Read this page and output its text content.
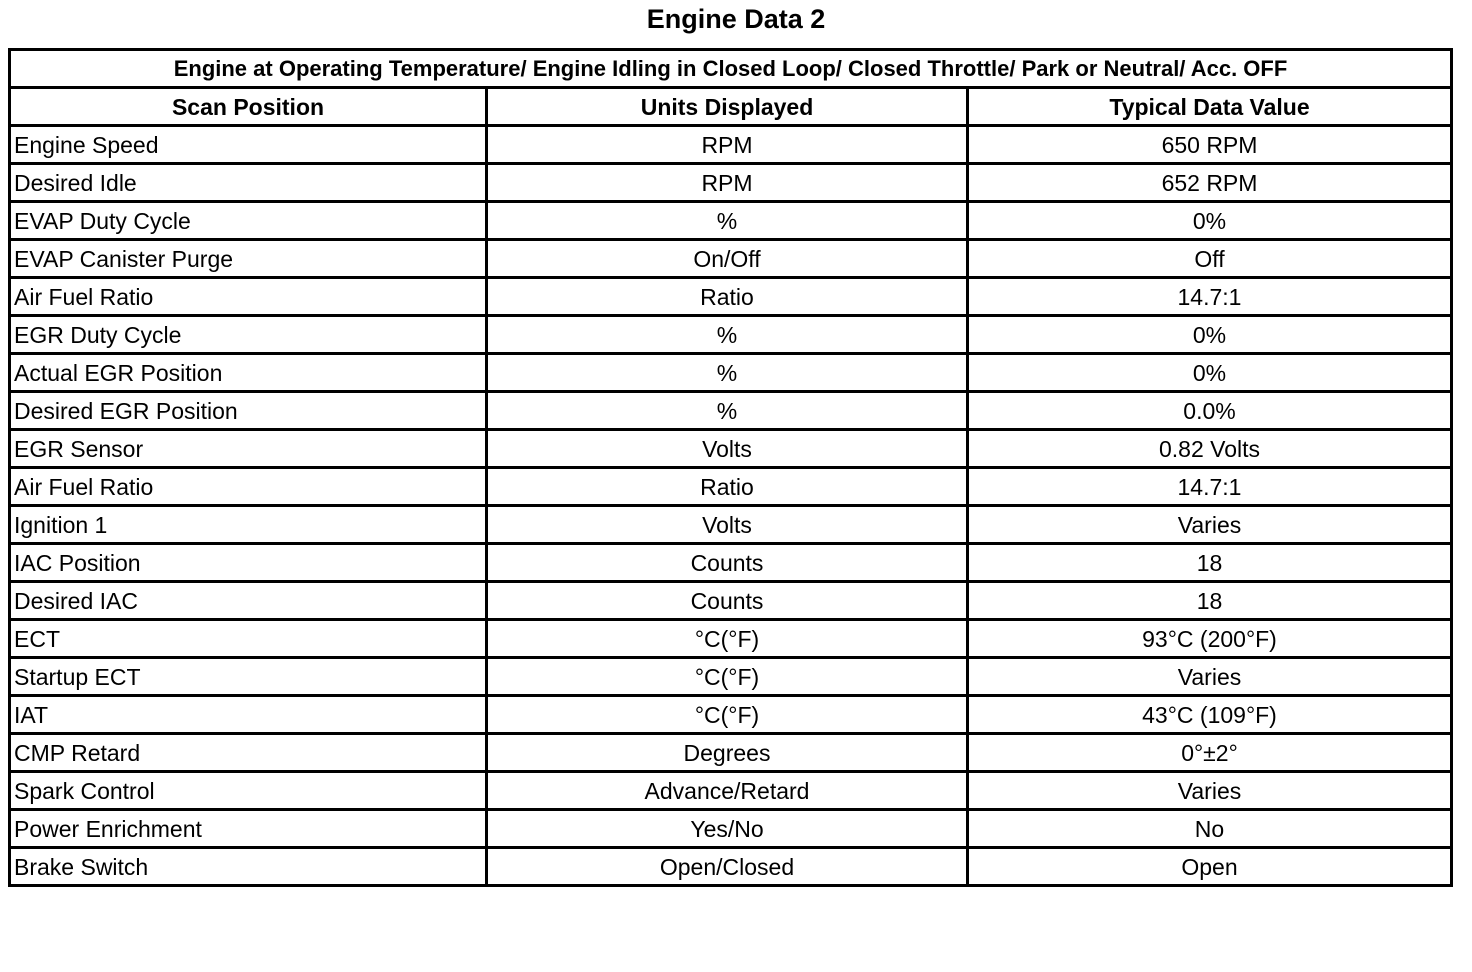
Engine Data 2
Engine at Operating Temperature/ Engine Idling in Closed Loop/ Closed Throttle/ Park or Neutral/ Acc. OFF		
Scan Position	Units Displayed	Typical Data Value
Engine Speed	RPM	650 RPM
Desired Idle	RPM	652 RPM
EVAP Duty Cycle	%	0%
EVAP Canister Purge	On/Off	Off
Air Fuel Ratio	Ratio	14.7:1
EGR Duty Cycle	%	0%
Actual EGR Position	%	0%
Desired EGR Position	%	0.0%
EGR Sensor	Volts	0.82 Volts
Air Fuel Ratio	Ratio	14.7:1
Ignition 1	Volts	Varies
IAC Position	Counts	18
Desired IAC	Counts	18
ECT	°C(°F)	93°C (200°F)
Startup ECT	°C(°F)	Varies
IAT	°C(°F)	43°C (109°F)
CMP Retard	Degrees	0°±2°
Spark Control	Advance/Retard	Varies
Power Enrichment	Yes/No	No
Brake Switch	Open/Closed	Open
